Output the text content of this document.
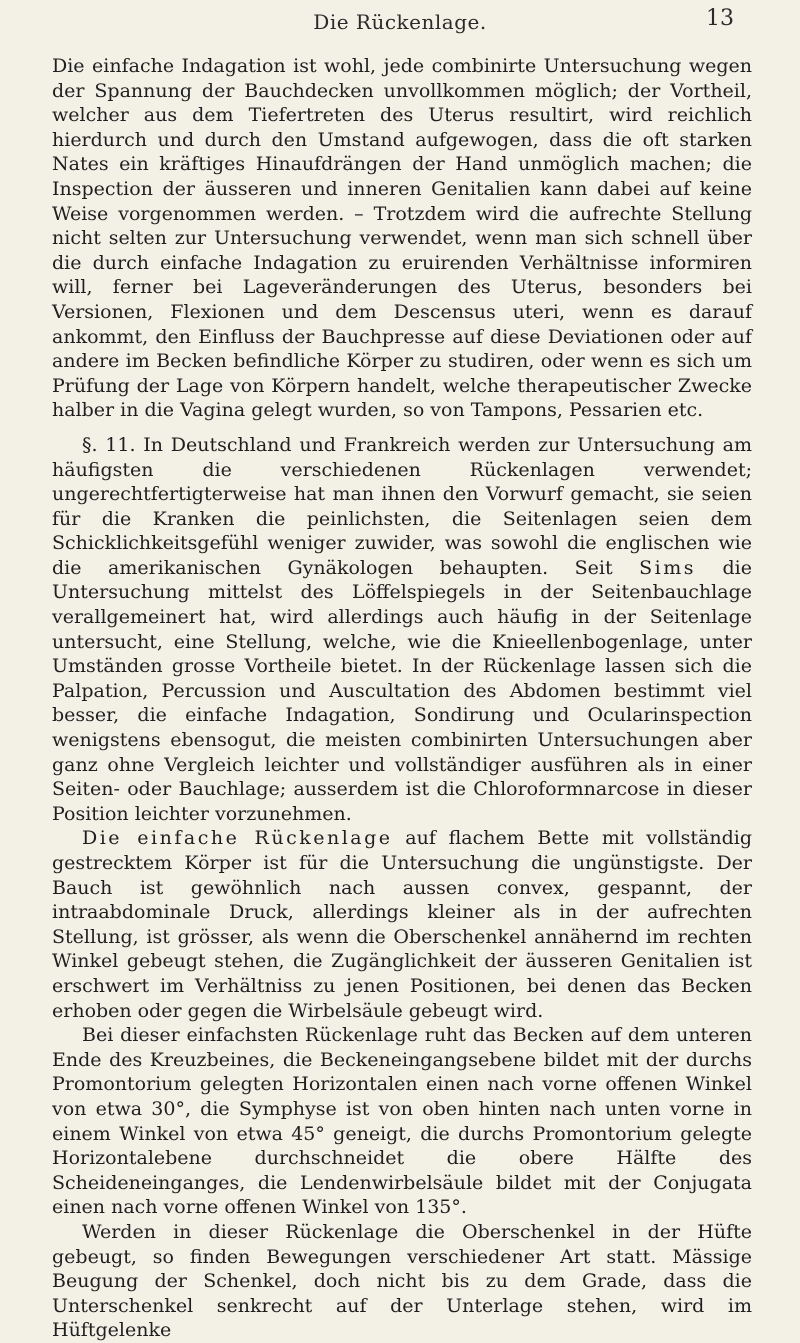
Die Rückenlage.	13

Die einfache Indagation ist wohl, jede combinirte Untersuchung wegen der Spannung der Bauchdecken unvollkommen möglich; der Vortheil, welcher aus dem Tiefertreten des Uterus resultirt, wird reichlich hierdurch und durch den Umstand aufgewogen, dass die oft starken Nates ein kräftiges Hinaufdrängen der Hand unmöglich machen; die Inspection der äusseren und inneren Genitalien kann dabei auf keine Weise vorgenommen werden. – Trotzdem wird die aufrechte Stellung nicht selten zur Untersuchung verwendet, wenn man sich schnell über die durch einfache Indagation zu eruirenden Verhältnisse informiren will, ferner bei Lageveränderungen des Uterus, besonders bei Versionen, Flexionen und dem Descensus uteri, wenn es darauf ankommt, den Einfluss der Bauchpresse auf diese Deviationen oder auf andere im Becken befindliche Körper zu studiren, oder wenn es sich um Prüfung der Lage von Körpern handelt, welche therapeutischer Zwecke halber in die Vagina gelegt wurden, so von Tampons, Pessarien etc.

§. 11. In Deutschland und Frankreich werden zur Untersuchung am häufigsten die verschiedenen Rückenlagen verwendet; ungerechtfertigterweise hat man ihnen den Vorwurf gemacht, sie seien für die Kranken die peinlichsten, die Seitenlagen seien dem Schicklichkeitsgefühl weniger zuwider, was sowohl die englischen wie die amerikanischen Gynäkologen behaupten. Seit Sims die Untersuchung mittelst des Löffelspiegels in der Seitenbauchlage verallgemeinert hat, wird allerdings auch häufig in der Seitenlage untersucht, eine Stellung, welche, wie die Knieellenbogenlage, unter Umständen grosse Vortheile bietet. In der Rückenlage lassen sich die Palpation, Percussion und Auscultation des Abdomen bestimmt viel besser, die einfache Indagation, Sondirung und Ocularinspection wenigstens ebensogut, die meisten combinirten Untersuchungen aber ganz ohne Vergleich leichter und vollständiger ausführen als in einer Seiten- oder Bauchlage; ausserdem ist die Chloroformnarcose in dieser Position leichter vorzunehmen.

Die einfache Rückenlage auf flachem Bette mit vollständig gestrecktem Körper ist für die Untersuchung die ungünstigste. Der Bauch ist gewöhnlich nach aussen convex, gespannt, der intraabdominale Druck, allerdings kleiner als in der aufrechten Stellung, ist grösser, als wenn die Oberschenkel annähernd im rechten Winkel gebeugt stehen, die Zugänglichkeit der äusseren Genitalien ist erschwert im Verhältniss zu jenen Positionen, bei denen das Becken erhoben oder gegen die Wirbelsäule gebeugt wird.

Bei dieser einfachsten Rückenlage ruht das Becken auf dem unteren Ende des Kreuzbeines, die Beckeneingangsebene bildet mit der durchs Promontorium gelegten Horizontalen einen nach vorne offenen Winkel von etwa 30°, die Symphyse ist von oben hinten nach unten vorne in einem Winkel von etwa 45° geneigt, die durchs Promontorium gelegte Horizontalebene durchschneidet die obere Hälfte des Scheideneinganges, die Lendenwirbelsäule bildet mit der Conjugata einen nach vorne offenen Winkel von 135°.

Werden in dieser Rückenlage die Oberschenkel in der Hüfte gebeugt, so finden Bewegungen verschiedener Art statt. Mässige Beugung der Schenkel, doch nicht bis zu dem Grade, dass die Unterschenkel senkrecht auf der Unterlage stehen, wird im Hüftgelenke
